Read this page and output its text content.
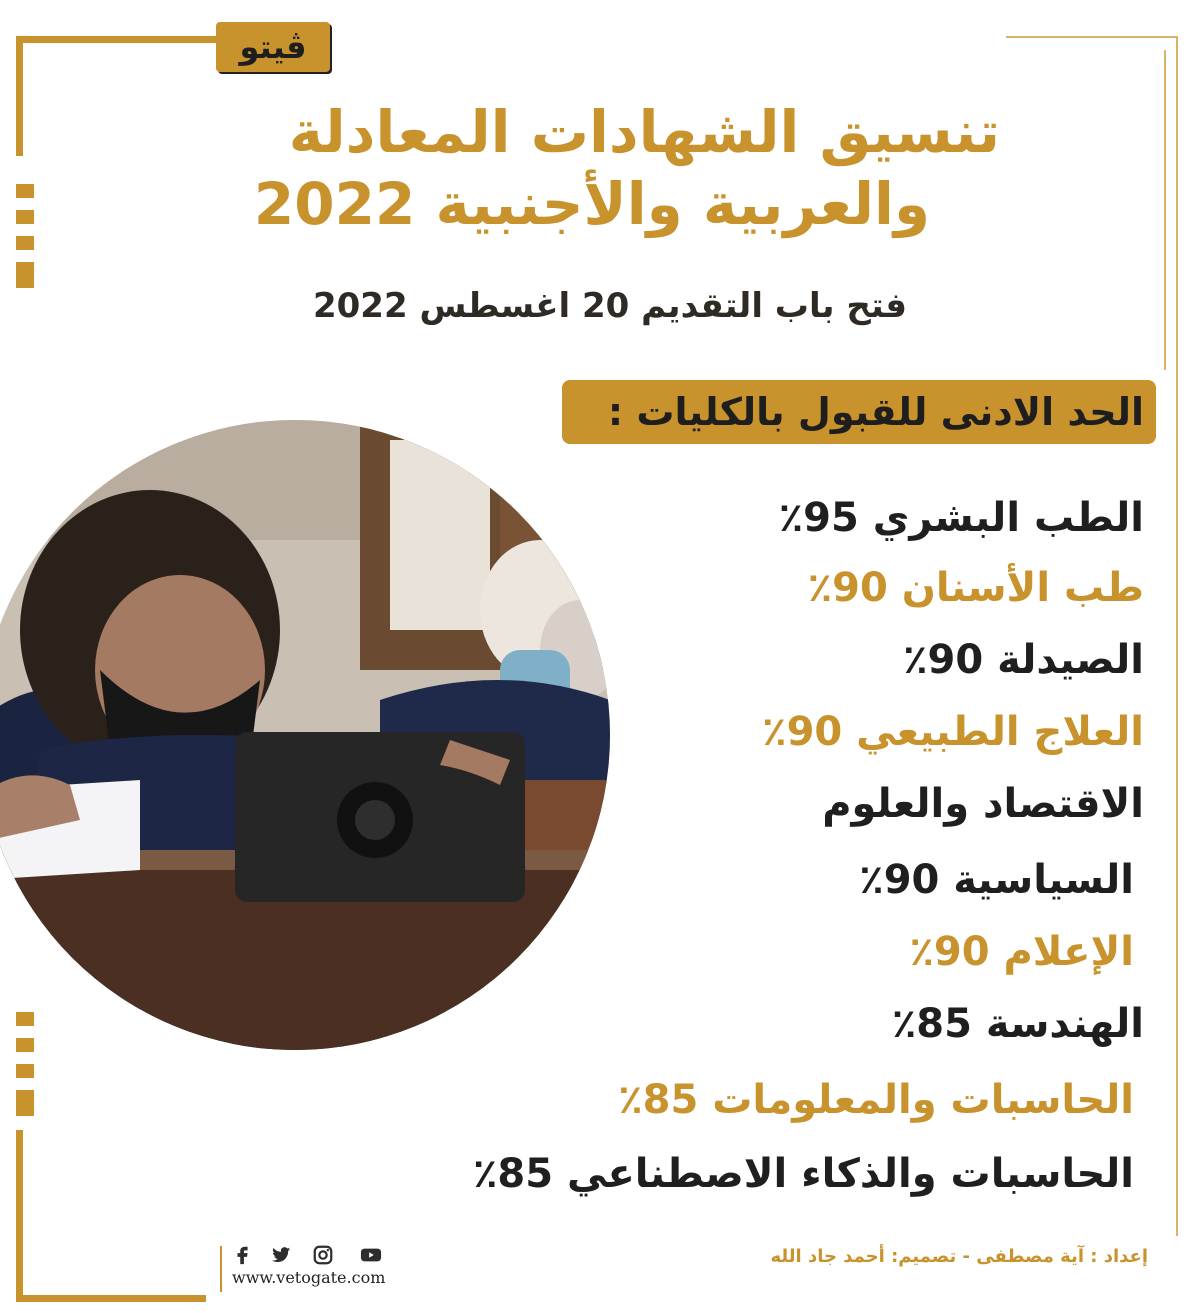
ڤيتو
تنسيق الشهادات المعادلة
والعربية والأجنبية 2022
فتح باب التقديم 20 اغسطس 2022
الحد الادنى للقبول بالكليات :
الطب البشري 95٪
طب الأسنان 90٪
الصيدلة 90٪
العلاج الطبيعي 90٪
الاقتصاد والعلوم
السياسية 90٪
الإعلام 90٪
الهندسة 85٪
الحاسبات والمعلومات 85٪
الحاسبات والذكاء الاصطناعي 85٪
إعداد : آية مصطفى - تصميم: أحمد جاد الله
www.vetogate.com
